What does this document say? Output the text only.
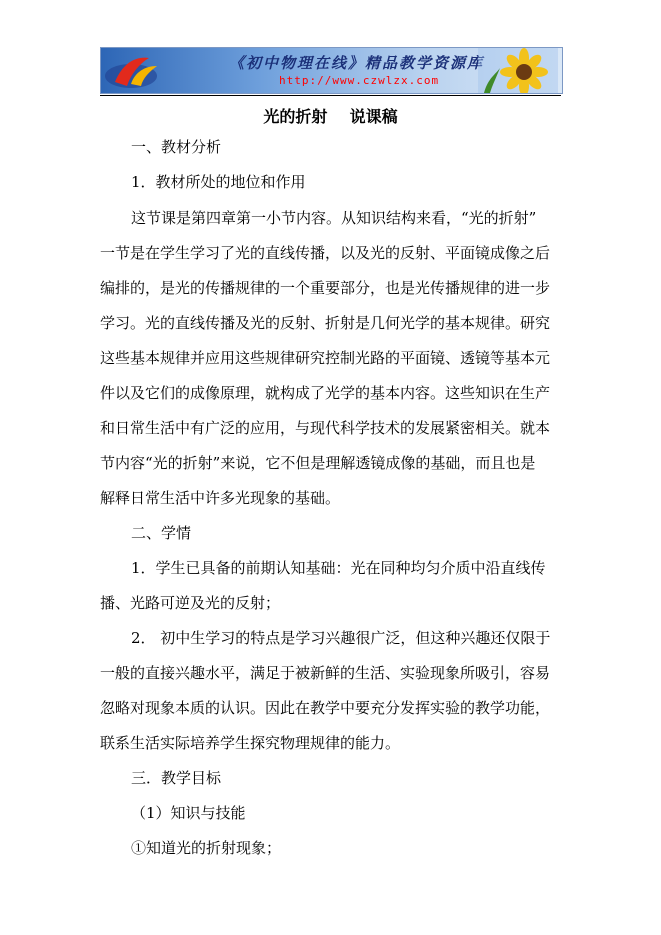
《初中物理在线》精品教学资源库
http://www.czwlzx.com
光的折射    说课稿
一、教材分析
1．教材所处的地位和作用
这节课是第四章第一小节内容。从知识结构来看，“光的折射”
一节是在学生学习了光的直线传播，以及光的反射、平面镜成像之后
编排的，是光的传播规律的一个重要部分，也是光传播规律的进一步
学习。光的直线传播及光的反射、折射是几何光学的基本规律。研究
这些基本规律并应用这些规律研究控制光路的平面镜、透镜等基本元
件以及它们的成像原理，就构成了光学的基本内容。这些知识在生产
和日常生活中有广泛的应用，与现代科学技术的发展紧密相关。就本
节内容“光的折射”来说，它不但是理解透镜成像的基础，而且也是
解释日常生活中许多光现象的基础。
二、学情
1．学生已具备的前期认知基础：光在同种均匀介质中沿直线传
播、光路可逆及光的反射；
2． 初中生学习的特点是学习兴趣很广泛，但这种兴趣还仅限于
一般的直接兴趣水平，满足于被新鲜的生活、实验现象所吸引，容易
忽略对现象本质的认识。因此在教学中要充分发挥实验的教学功能，
联系生活实际培养学生探究物理规律的能力。
三．教学目标
（1）知识与技能
①知道光的折射现象；
